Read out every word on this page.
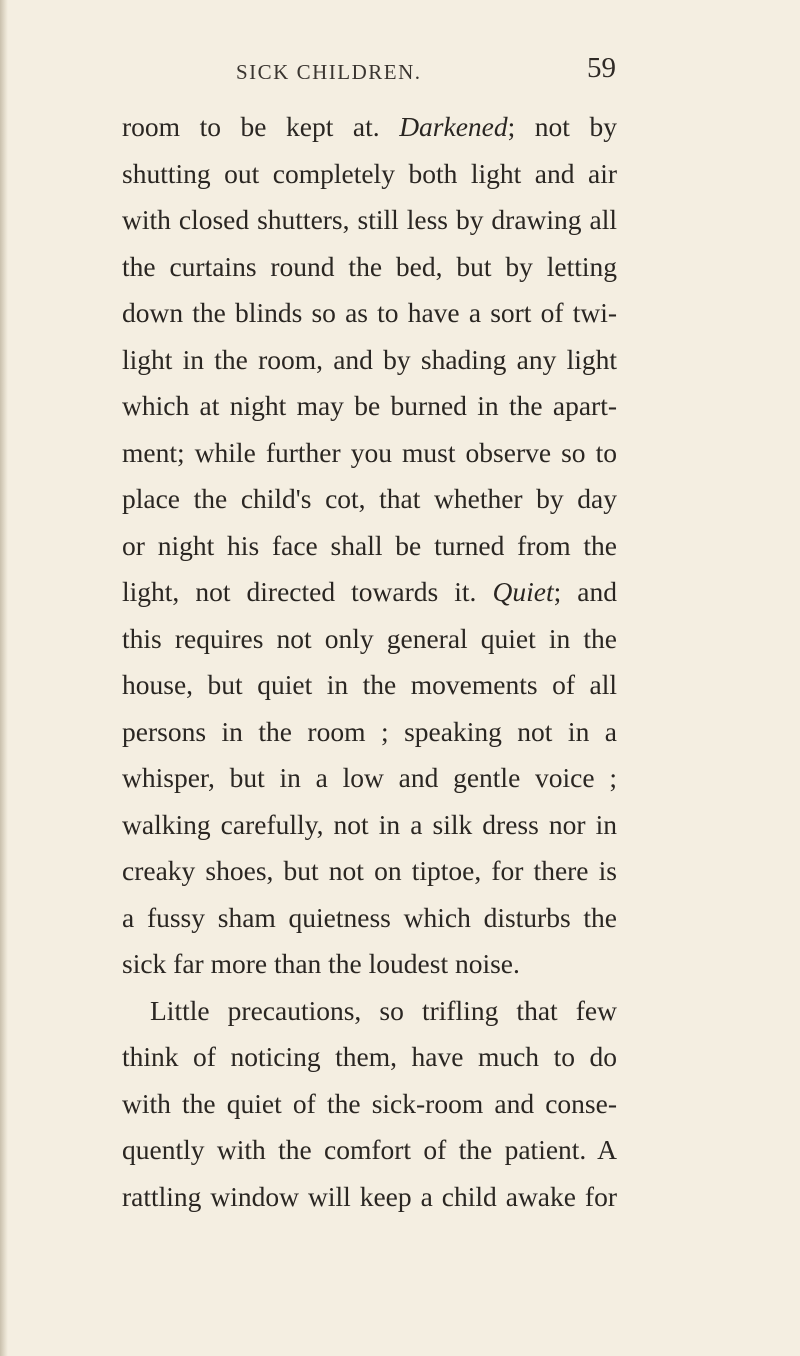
SICK CHILDREN.	59
room to be kept at. Darkened; not by
shutting out completely both light and air
with closed shutters, still less by drawing all
the curtains round the bed, but by letting
down the blinds so as to have a sort of twi-
light in the room, and by shading any light
which at night may be burned in the apart-
ment; while further you must observe so to
place the child's cot, that whether by day
or night his face shall be turned from the
light, not directed towards it. Quiet; and
this requires not only general quiet in the
house, but quiet in the movements of all
persons in the room ; speaking not in a
whisper, but in a low and gentle voice ;
walking carefully, not in a silk dress nor in
creaky shoes, but not on tiptoe, for there is
a fussy sham quietness which disturbs the
sick far more than the loudest noise.
Little precautions, so trifling that few
think of noticing them, have much to do
with the quiet of the sick-room and conse-
quently with the comfort of the patient. A
rattling window will keep a child awake for
